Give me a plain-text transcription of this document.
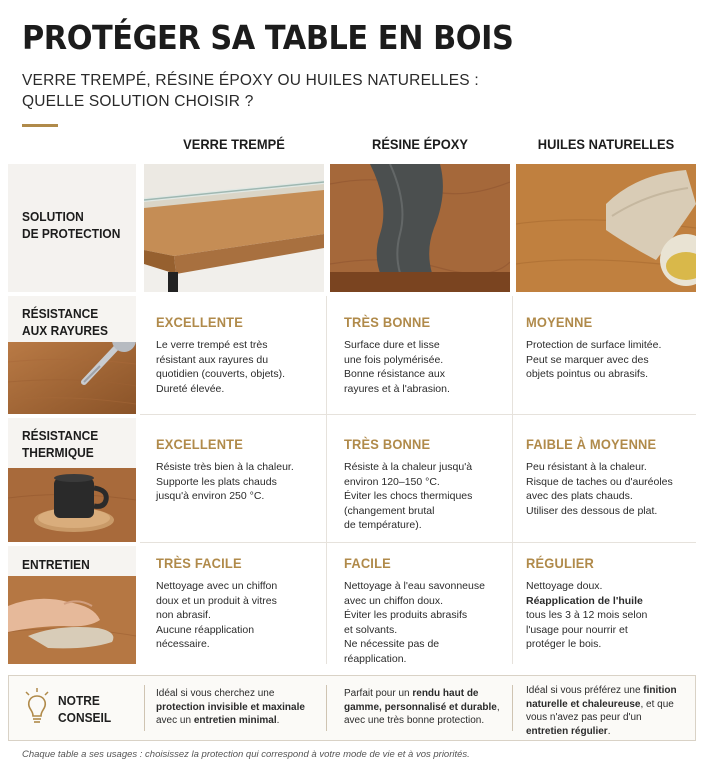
PROTÉGER SA TABLE EN BOIS
VERRE TREMPÉ, RÉSINE ÉPOXY OU HUILES NATURELLES :
QUELLE SOLUTION CHOISIR ?
VERRE TREMPÉ	RÉSINE ÉPOXY	HUILES NATURELLES
SOLUTION
DE PROTECTION
RÉSISTANCE
AUX RAYURES
RÉSISTANCE
THERMIQUE
ENTRETIEN
EXCELLENTE
Le verre trempé est très
résistant aux rayures du
quotidien (couverts, objets).
Dureté élevée.
TRÈS BONNE
Surface dure et lisse
une fois polymérisée.
Bonne résistance aux
rayures et à l'abrasion.
MOYENNE
Protection de surface limitée.
Peut se marquer avec des
objets pointus ou abrasifs.
EXCELLENTE
Résiste très bien à la chaleur.
Supporte les plats chauds
jusqu'à environ 250 °C.
TRÈS BONNE
Résiste à la chaleur jusqu'à
environ 120–150 °C.
Éviter les chocs thermiques
(changement brutal
de température).
FAIBLE À MOYENNE
Peu résistant à la chaleur.
Risque de taches ou d'auréoles
avec des plats chauds.
Utiliser des dessous de plat.
TRÈS FACILE
Nettoyage avec un chiffon
doux et un produit à vitres
non abrasif.
Aucune réapplication
nécessaire.
FACILE
Nettoyage à l'eau savonneuse
avec un chiffon doux.
Éviter les produits abrasifs
et solvants.
Ne nécessite pas de
réapplication.
RÉGULIER
Nettoyage doux.
Réapplication de l'huile
tous les 3 à 12 mois selon
l'usage pour nourrir et
protéger le bois.
NOTRE
CONSEIL
Idéal si vous cherchez une
protection invisible et maxinale
avec un entretien minimal.
Parfait pour un rendu haut de
gamme, personnalisé et durable,
avec une très bonne protection.
Idéal si vous préférez une finition
naturelle et chaleureuse, et que
vous n'avez pas peur d'un
entretien régulier.
Chaque table a ses usages : choisissez la protection qui correspond à votre mode de vie et à vos priorités.
